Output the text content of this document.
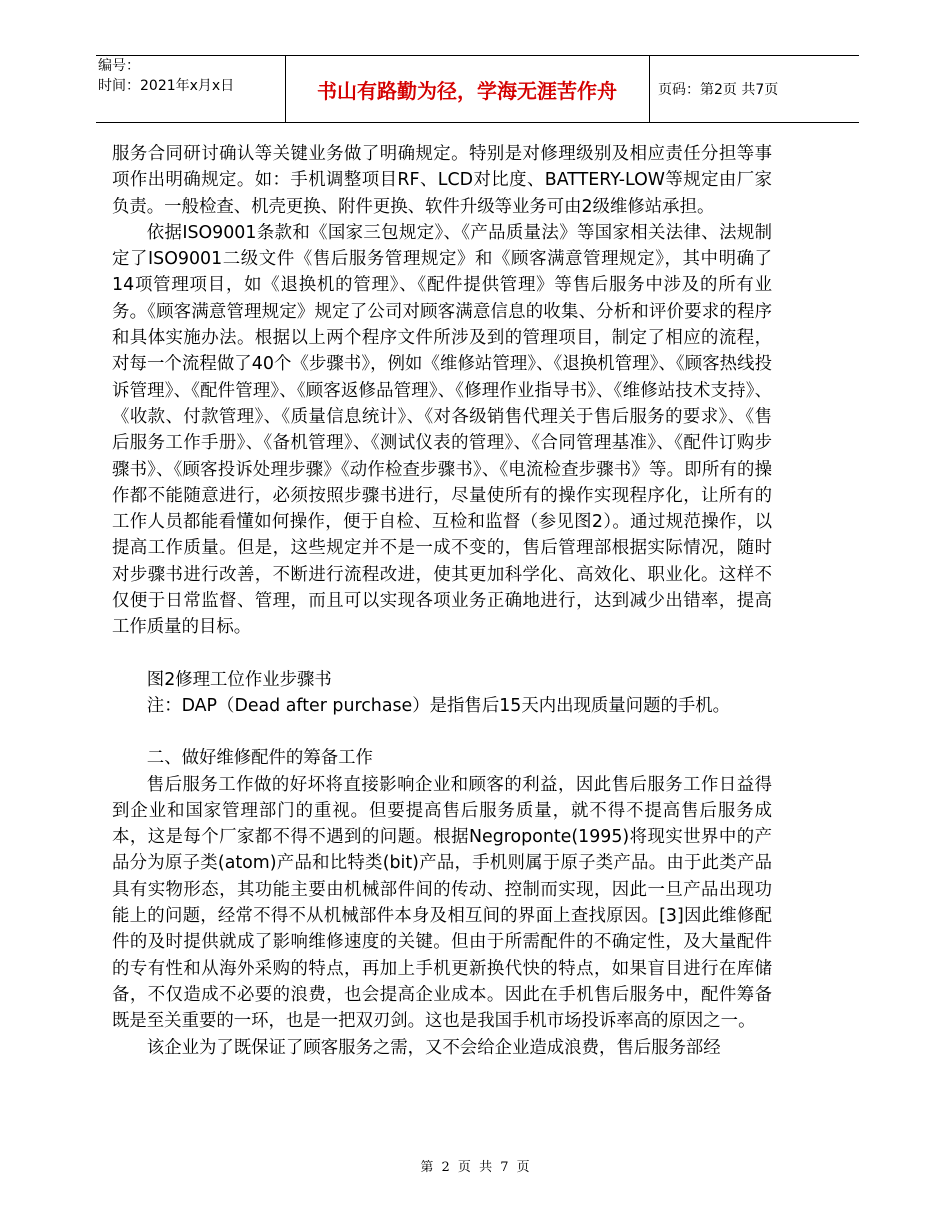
编号：
时间：2021年x月x日	书山有路勤为径，学海无涯苦作舟	页码：第2页 共7页

服务合同研讨确认等关键业务做了明确规定。特别是对修理级别及相应责任分担等事项作出明确规定。如：手机调整项目RF、LCD对比度、BATTERY-LOW等规定由厂家负责。一般检查、机壳更换、附件更换、软件升级等业务可由2级维修站承担。

依据ISO9001条款和《国家三包规定》、《产品质量法》等国家相关法律、法规制定了ISO9001二级文件《售后服务管理规定》和《顾客满意管理规定》，其中明确了14项管理项目，如《退换机的管理》、《配件提供管理》等售后服务中涉及的所有业务。《顾客满意管理规定》规定了公司对顾客满意信息的收集、分析和评价要求的程序和具体实施办法。根据以上两个程序文件所涉及到的管理项目，制定了相应的流程，对每一个流程做了40个《步骤书》，例如《维修站管理》、《退换机管理》、《顾客热线投诉管理》、《配件管理》、《顾客返修品管理》、《修理作业指导书》、《维修站技术支持》、《收款、付款管理》、《质量信息统计》、《对各级销售代理关于售后服务的要求》、《售后服务工作手册》、《备机管理》、《测试仪表的管理》、《合同管理基准》、《配件订购步骤书》、《顾客投诉处理步骤》《动作检查步骤书》、《电流检查步骤书》等。即所有的操作都不能随意进行，必须按照步骤书进行，尽量使所有的操作实现程序化，让所有的工作人员都能看懂如何操作，便于自检、互检和监督（参见图2）。通过规范操作，以提高工作质量。但是，这些规定并不是一成不变的，售后管理部根据实际情况，随时对步骤书进行改善，不断进行流程改进，使其更加科学化、高效化、职业化。这样不仅便于日常监督、管理，而且可以实现各项业务正确地进行，达到减少出错率，提高工作质量的目标。

图2修理工位作业步骤书

注：DAP（Dead after purchase）是指售后15天内出现质量问题的手机。

二、做好维修配件的筹备工作

售后服务工作做的好坏将直接影响企业和顾客的利益，因此售后服务工作日益得到企业和国家管理部门的重视。但要提高售后服务质量，就不得不提高售后服务成本，这是每个厂家都不得不遇到的问题。根据Negroponte(1995)将现实世界中的产品分为原子类(atom)产品和比特类(bit)产品，手机则属于原子类产品。由于此类产品具有实物形态，其功能主要由机械部件间的传动、控制而实现，因此一旦产品出现功能上的问题，经常不得不从机械部件本身及相互间的界面上查找原因。[3]因此维修配件的及时提供就成了影响维修速度的关键。但由于所需配件的不确定性，及大量配件的专有性和从海外采购的特点，再加上手机更新换代快的特点，如果盲目进行在库储备，不仅造成不必要的浪费，也会提高企业成本。因此在手机售后服务中，配件筹备既是至关重要的一环，也是一把双刃剑。这也是我国手机市场投诉率高的原因之一。

该企业为了既保证了顾客服务之需，又不会给企业造成浪费，售后服务部经

第 2 页 共 7 页
